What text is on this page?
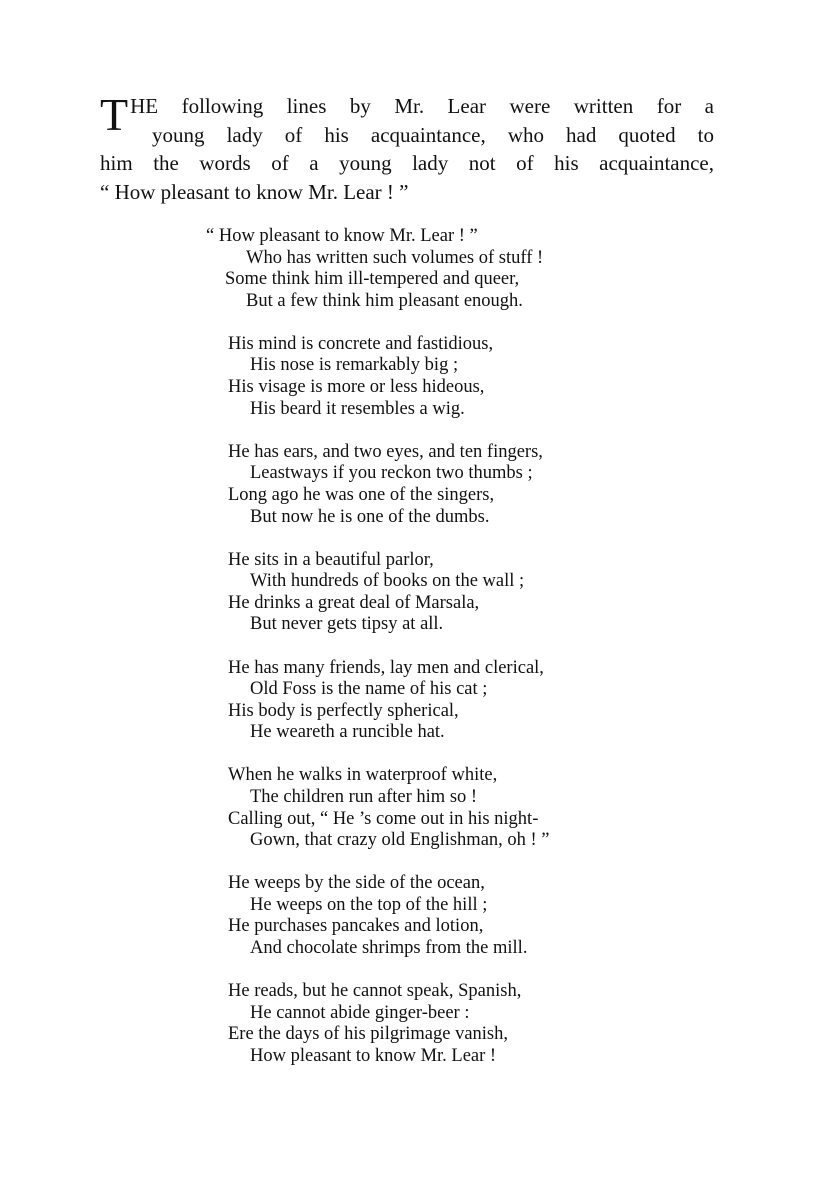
THE following lines by Mr. Lear were written for a
young lady of his acquaintance, who had quoted to
him the words of a young lady not of his acquaintance,
“ How pleasant to know Mr. Lear ! ”
“ How pleasant to know Mr. Lear ! ”
Who has written such volumes of stuff !
Some think him ill-tempered and queer,
But a few think him pleasant enough.
His mind is concrete and fastidious,
His nose is remarkably big ;
His visage is more or less hideous,
His beard it resembles a wig.
He has ears, and two eyes, and ten fingers,
Leastways if you reckon two thumbs ;
Long ago he was one of the singers,
But now he is one of the dumbs.
He sits in a beautiful parlor,
With hundreds of books on the wall ;
He drinks a great deal of Marsala,
But never gets tipsy at all.
He has many friends, lay men and clerical,
Old Foss is the name of his cat ;
His body is perfectly spherical,
He weareth a runcible hat.
When he walks in waterproof white,
The children run after him so !
Calling out, “ He ’s come out in his night-
Gown, that crazy old Englishman, oh ! ”
He weeps by the side of the ocean,
He weeps on the top of the hill ;
He purchases pancakes and lotion,
And chocolate shrimps from the mill.
He reads, but he cannot speak, Spanish,
He cannot abide ginger-beer :
Ere the days of his pilgrimage vanish,
How pleasant to know Mr. Lear !
